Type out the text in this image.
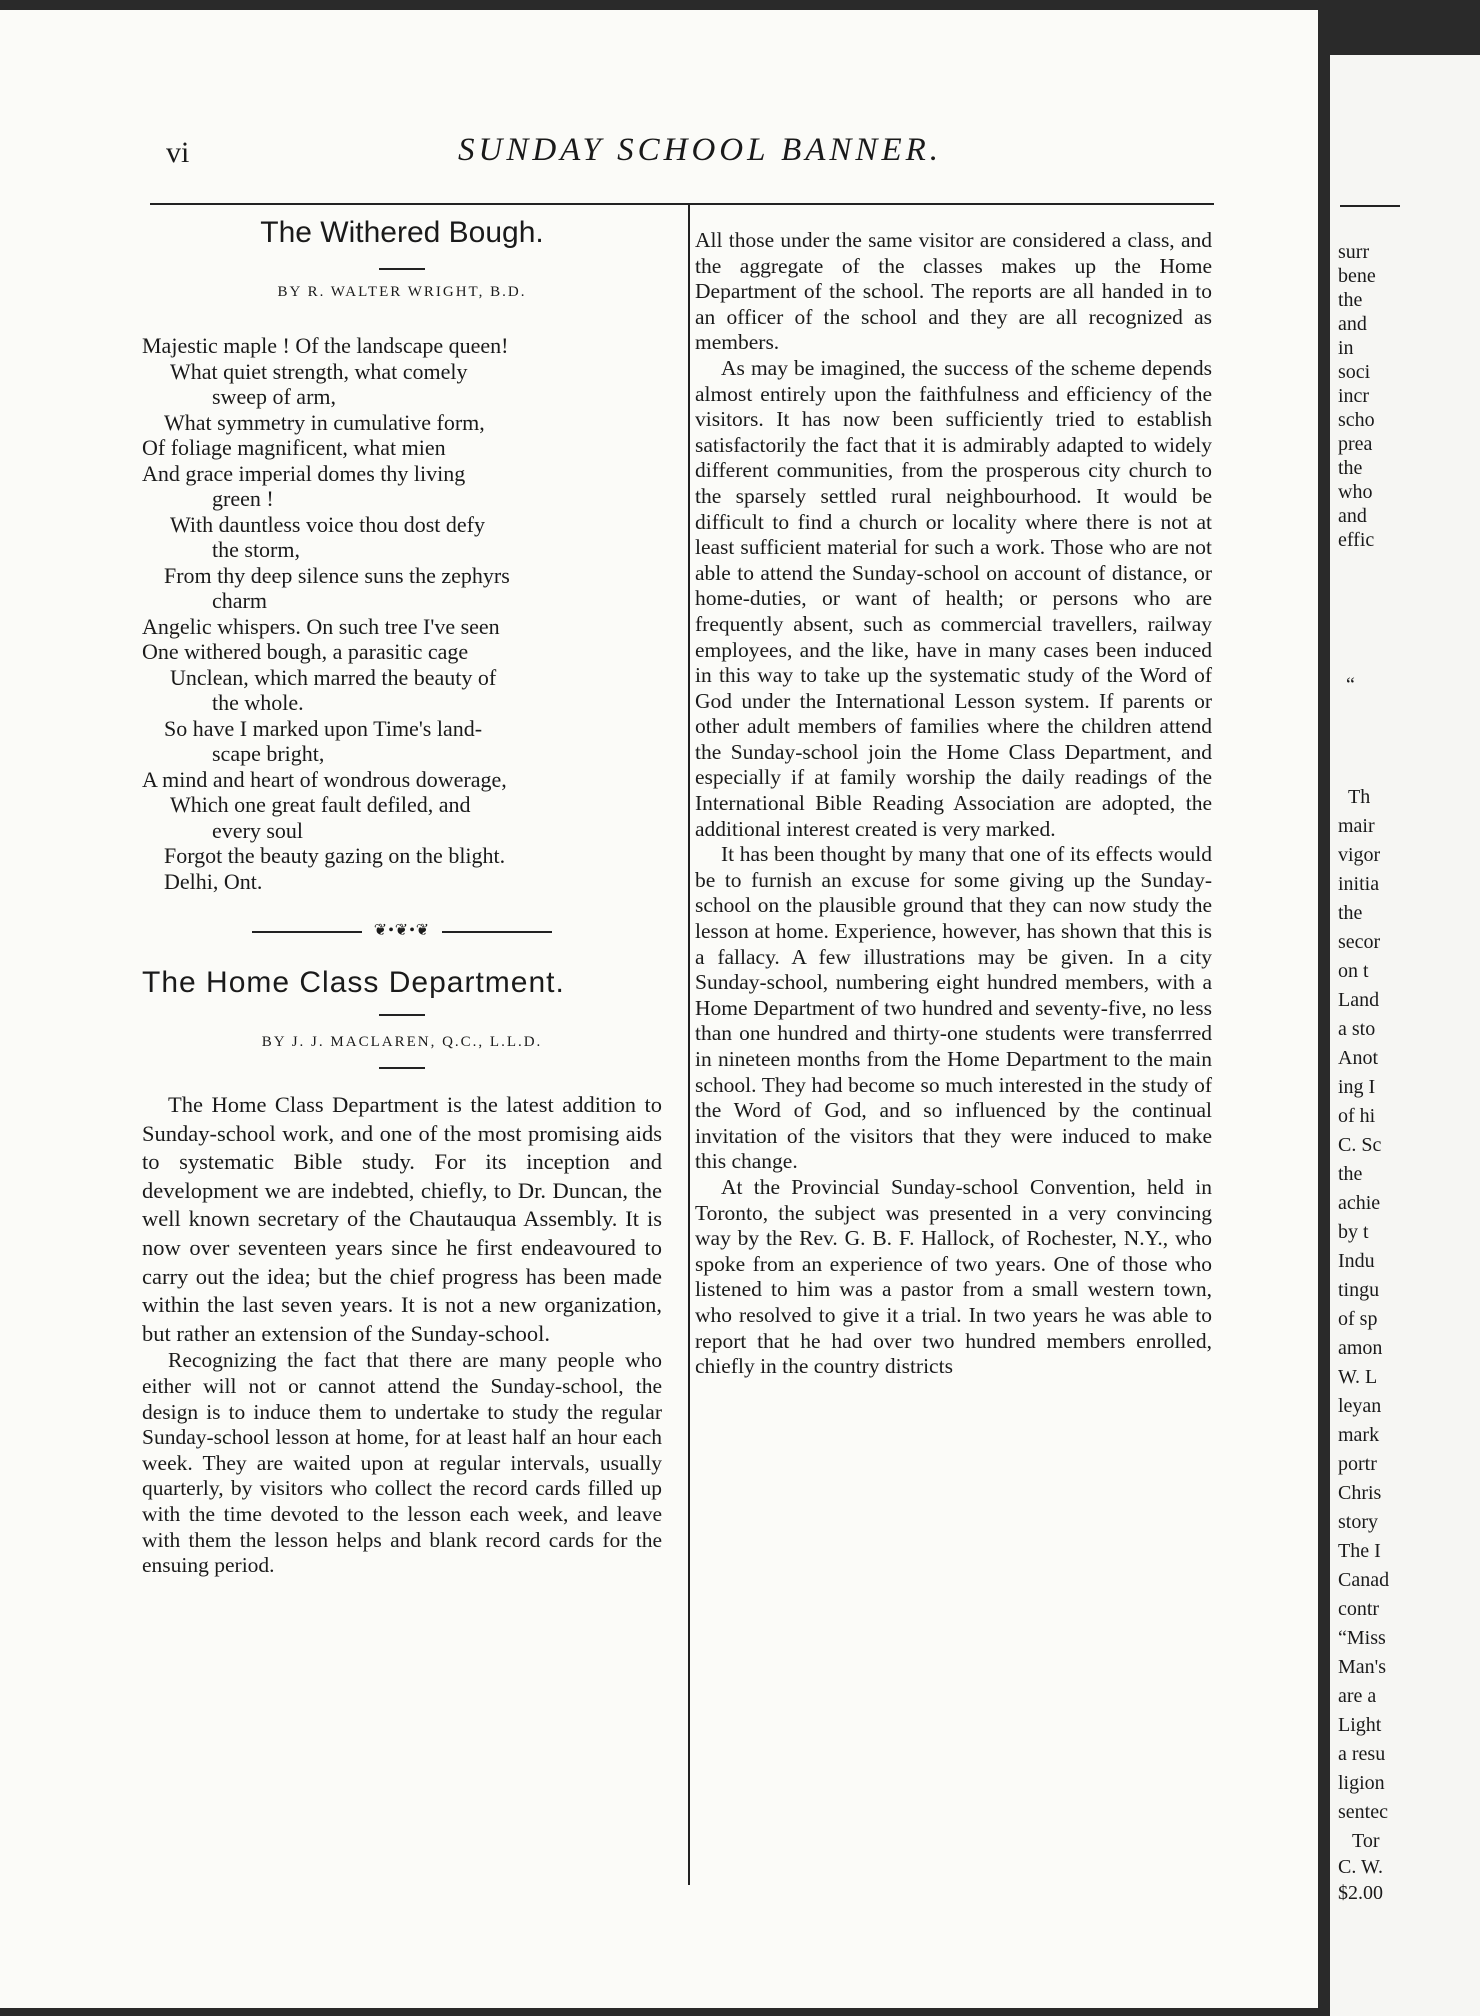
vi	SUNDAY SCHOOL BANNER.
The Withered Bough.

BY R. WALTER WRIGHT, B.D.

Majestic maple ! Of the landscape queen!
What quiet strength, what comely
sweep of arm,
What symmetry in cumulative form,
Of foliage magnificent, what mien
And grace imperial domes thy living
green !
With dauntless voice thou dost defy
the storm,
From thy deep silence suns the zephyrs
charm
Angelic whispers. On such tree I've seen
One withered bough, a parasitic cage
Unclean, which marred the beauty of
the whole.
So have I marked upon Time's land-
scape bright,
A mind and heart of wondrous dowerage,
Which one great fault defiled, and
every soul
Forgot the beauty gazing on the blight.
Delhi, Ont.
❦•❦•❦
The Home Class Department.

BY J. J. MACLAREN, Q.C., L.L.D.

The Home Class Department is the latest addition to Sunday-school work, and one of the most promising aids to systematic Bible study. For its inception and development we are indebted, chiefly, to Dr. Duncan, the well known secretary of the Chautauqua Assembly. It is now over seventeen years since he first endeavoured to carry out the idea; but the chief progress has been made within the last seven years. It is not a new organization, but rather an extension of the Sunday-school.

Recognizing the fact that there are many people who either will not or cannot attend the Sunday-school, the design is to induce them to undertake to study the regular Sunday-school lesson at home, for at least half an hour each week. They are waited upon at regular intervals, usually quarterly, by visitors who collect the record cards filled up with the time devoted to the lesson each week, and leave with them the lesson helps and blank record cards for the ensuing period.

All those under the same visitor are considered a class, and the aggregate of the classes makes up the Home Department of the school. The reports are all handed in to an officer of the school and they are all recognized as members.

As may be imagined, the success of the scheme depends almost entirely upon the faithfulness and efficiency of the visitors. It has now been sufficiently tried to establish satisfactorily the fact that it is admirably adapted to widely different communities, from the prosperous city church to the sparsely settled rural neighbourhood. It would be difficult to find a church or locality where there is not at least sufficient material for such a work. Those who are not able to attend the Sunday-school on account of distance, or home-duties, or want of health; or persons who are frequently absent, such as commercial travellers, railway employees, and the like, have in many cases been induced in this way to take up the systematic study of the Word of God under the International Lesson system. If parents or other adult members of families where the children attend the Sunday-school join the Home Class Department, and especially if at family worship the daily readings of the International Bible Reading Association are adopted, the additional interest created is very marked.

It has been thought by many that one of its effects would be to furnish an excuse for some giving up the Sunday-school on the plausible ground that they can now study the lesson at home. Experience, however, has shown that this is a fallacy. A few illustrations may be given. In a city Sunday-school, numbering eight hundred members, with a Home Department of two hundred and seventy-five, no less than one hundred and thirty-one students were transferrred in nineteen months from the Home Department to the main school. They had become so much interested in the study of the Word of God, and so influenced by the continual invitation of the visitors that they were induced to make this change.

At the Provincial Sunday-school Convention, held in Toronto, the subject was presented in a very convincing way by the Rev. G. B. F. Hallock, of Rochester, N.Y., who spoke from an experience of two years. One of those who listened to him was a pastor from a small western town, who resolved to give it a trial. In two years he was able to report that he had over two hundred members enrolled, chiefly in the country districts

surr
bene
the
and
in
soci
incr
scho
prea
the
who
and
effic
“
Th
mair
vigor
initia
the
secor
on t
Land
a sto
Anot
ing I
of hi
C. Sc
the
achie
by t
Indu
tingu
of sp
amon
W. L
leyan
mark
portr
Chris
story
The I
Canad
contr
“Miss
Man's
are a
Light
a resu
ligion
sentec
Tor
C. W.
$2.00
